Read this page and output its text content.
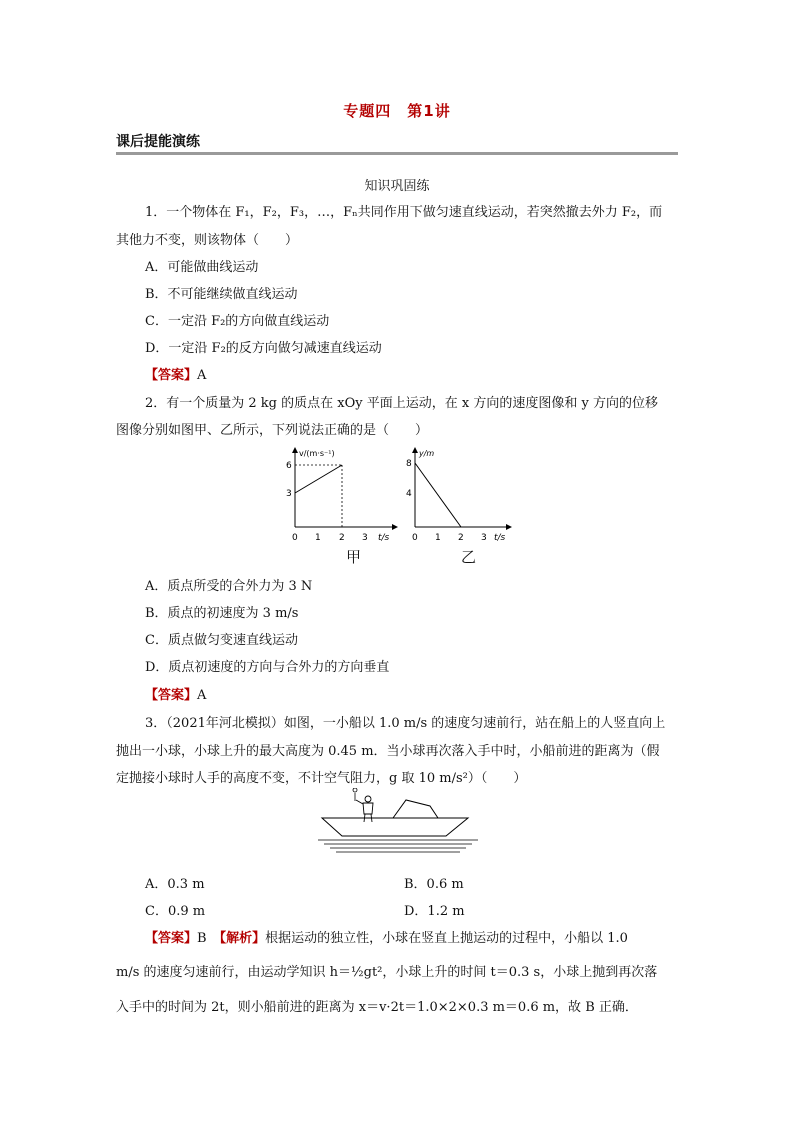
专题四　第1讲
课后提能演练
知识巩固练
1．一个物体在 F₁，F₂，F₃，…，Fₙ共同作用下做匀速直线运动，若突然撤去外力 F₂，而
其他力不变，则该物体（　　）
A．可能做曲线运动
B．不可能继续做直线运动
C．一定沿 F₂的方向做直线运动
D．一定沿 F₂的反方向做匀减速直线运动
【答案】A
2．有一个质量为 2 kg 的质点在 xOy 平面上运动，在 x 方向的速度图像和 y 方向的位移
图像分别如图甲、乙所示，下列说法正确的是（　　）
v/(m·s⁻¹)
3
6
0 1 2 3 t/s
甲
y/m
4
8
0 1 2 3 t/s
乙
A．质点所受的合外力为 3 N
B．质点的初速度为 3 m/s
C．质点做匀变速直线运动
D．质点初速度的方向与合外力的方向垂直
【答案】A
3．（2021年河北模拟）如图，一小船以 1.0 m/s 的速度匀速前行，站在船上的人竖直向上
抛出一小球，小球上升的最大高度为 0.45 m．当小球再次落入手中时，小船前进的距离为（假
定抛接小球时人手的高度不变，不计空气阻力，g 取 10 m/s²）（　　）
A．0.3 m	B．0.6 m
C．0.9 m	D．1.2 m
【答案】B　 【解析】根据运动的独立性，小球在竖直上抛运动的过程中，小船以 1.0
m/s 的速度匀速前行，由运动学知识 h＝½gt²，小球上升的时间 t＝0.3 s，小球上抛到再次落
入手中的时间为 2t，则小船前进的距离为 x＝v·2t＝1.0×2×0.3 m＝0.6 m，故 B 正确．
